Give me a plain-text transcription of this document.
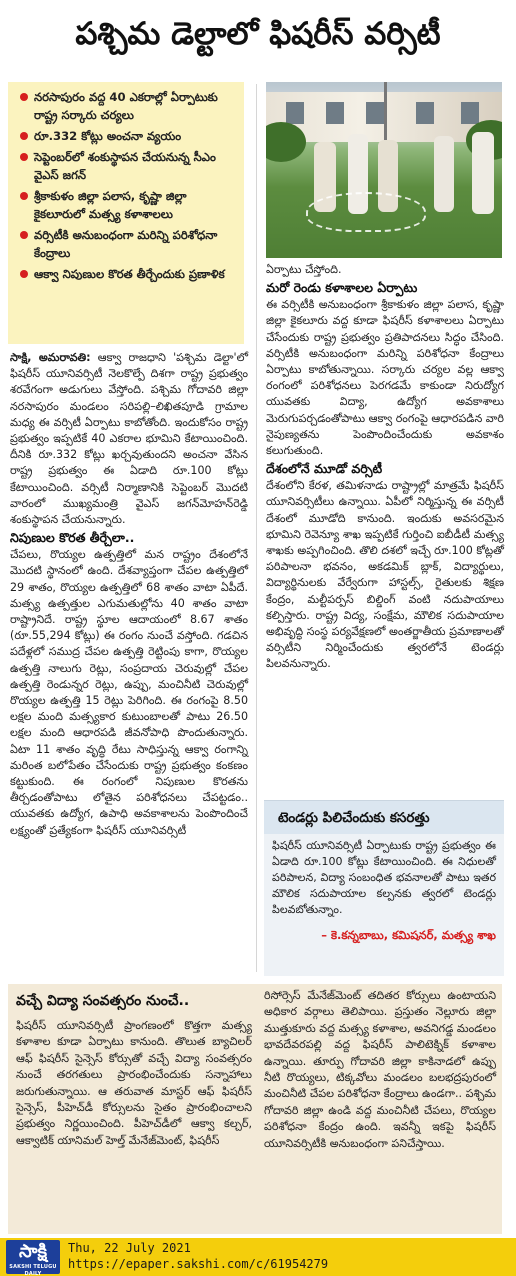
పశ్చిమ డెల్టాలో ఫిషరీస్ వర్సిటీ
నరసాపురం వద్ద 40 ఎకరాల్లో ఏర్పాటుకు రాష్ట్ర సర్కారు చర్యలు
రూ.332 కోట్లు అంచనా వ్యయం
సెప్టెంబర్‌లో శంకుస్థాపన చేయనున్న సీఎం వైఎస్ జగన్
శ్రీకాకుళం జిల్లా పలాస, కృష్ణా జిల్లా కైకలూరులో మత్స్య కళాశాలలు
వర్సిటీకి అనుబంధంగా మరిన్ని పరిశోధనా కేంద్రాలు
ఆక్వా నిపుణుల కొరత తీర్చేందుకు ప్రణాళిక

సాక్షి, అమరావతి: ఆక్వా రాజధాని 'పశ్చిమ డెల్టా'లో ఫిషరీస్ యూనివర్సిటీ నెలకొల్పే దిశగా రాష్ట్ర ప్రభుత్వం శరవేగంగా అడుగులు వేస్తోంది. పశ్చిమ గోదావరి జిల్లా నరసాపురం మండలం సరిపల్లి–లిఖితపూడి గ్రామాల మధ్య ఈ వర్సిటీ ఏర్పాటు కాబోతోంది. ఇందుకోసం రాష్ట్ర ప్రభుత్వం ఇప్పటికే 40 ఎకరాల భూమిని కేటాయించింది. దీనికి రూ.332 కోట్లు ఖర్చవుతుందని అంచనా వేసిన రాష్ట్ర ప్రభుత్వం ఈ ఏడాది రూ.100 కోట్లు కేటాయించింది. వర్సిటీ నిర్మాణానికి సెప్టెంబర్ మొదటి వారంలో ముఖ్యమంత్రి వైఎస్ జగన్‌మోహన్‌రెడ్డి శంకుస్థాపన చేయనున్నారు.

నిపుణుల కొరత తీర్చేలా..

చేపలు, రొయ్యల ఉత్పత్తిలో మన రాష్ట్రం దేశంలోనే మొదటి స్థానంలో ఉంది. దేశవ్యాప్తంగా చేపల ఉత్పత్తిలో 29 శాతం, రొయ్యల ఉత్పత్తిలో 68 శాతం వాటా ఏపీదే. మత్స్య ఉత్పత్తుల ఎగుమతుల్లోను 40 శాతం వాటా రాష్ట్రానిదే. రాష్ట్ర స్థూల ఆదాయంలో 8.67 శాతం (రూ.55,294 కోట్లు) ఈ రంగం నుంచే వస్తోంది. గడచిన పదేళ్లలో సముద్ర చేపల ఉత్పత్తి రెట్టింపు కాగా, రొయ్యల ఉత్పత్తి నాలుగు రెట్లు, సంప్రదాయ చెరువుల్లో చేపల ఉత్పత్తి రెండున్నర రెట్లు, ఉప్పు, మంచినీటి చెరువుల్లో రొయ్యల ఉత్పత్తి 15 రెట్లు పెరిగింది. ఈ రంగంపై 8.50 లక్షల మంది మత్స్యకార కుటుంబాలతో పాటు 26.50 లక్షల మంది ఆధారపడి జీవనోపాధి పొందుతున్నారు. ఏటా 11 శాతం వృద్ధి రేటు సాధిస్తున్న ఆక్వా రంగాన్ని మరింత బలోపేతం చేసేందుకు రాష్ట్ర ప్రభుత్వం కంకణం కట్టుకుంది. ఈ రంగంలో నిపుణుల కొరతను తీర్చడంతోపాటు లోతైన పరిశోధనలు చేపట్టడం.. యువతకు ఉద్యోగ, ఉపాధి అవకాశాలను పెంపొందించే లక్ష్యంతో ప్రత్యేకంగా ఫిషరీస్ యూనివర్సిటీ

ఏర్పాటు చేస్తోంది.

మరో రెండు కళాశాలల ఏర్పాటు

ఈ వర్సిటీకి అనుబంధంగా శ్రీకాకుళం జిల్లా పలాస, కృష్ణా జిల్లా కైకలూరు వద్ద కూడా ఫిషరీస్ కళాశాలలు ఏర్పాటు చేసేందుకు రాష్ట్ర ప్రభుత్వం ప్రతిపాదనలు సిద్ధం చేసింది. వర్సిటీకి అనుబంధంగా మరిన్ని పరిశోధనా కేంద్రాలు ఏర్పాటు కాబోతున్నాయి. సర్కారు చర్యల వల్ల ఆక్వా రంగంలో పరిశోధనలు పెరగడమే కాకుండా నిరుద్యోగ యువతకు విద్యా, ఉద్యోగ అవకాశాలు మెరుగుపర్చడంతోపాటు ఆక్వా రంగంపై ఆధారపడిన వారి నైపుణ్యతను పెంపొందించేందుకు అవకాశం కలుగుతుంది.

దేశంలోనే మూడో వర్సిటీ

దేశంలోని కేరళ, తమిళనాడు రాష్ట్రాల్లో మాత్రమే ఫిషరీస్ యూనివర్సిటీలు ఉన్నాయి. ఏపీలో నిర్మిస్తున్న ఈ వర్సిటీ దేశంలో మూడోది కానుంది. ఇందుకు అవసరమైన భూమిని రెవెన్యూ శాఖ ఇప్పటికే గుర్తించి ఐబీడీటీ మత్స్య శాఖకు అప్పగించింది. తొలి దశలో ఇచ్చే రూ.100 కోట్లతో పరిపాలనా భవనం, అకడమిక్ బ్లాక్, విద్యార్థులు, విద్యార్థినులకు వేర్వేరుగా హాస్టల్స్, రైతులకు శిక్షణ కేంద్రం, మల్టీపర్పస్ బిల్డింగ్ వంటి నదుపాయాలు కల్పిస్తారు. రాష్ట్ర విద్య, సంక్షేమ, మౌలిక సదుపాయాల అభివృద్ధి సంస్థ పర్యవేక్షణలో అంతర్జాతీయ ప్రమాణాలతో వర్సిటీని నిర్మించేందుకు త్వరలోనే టెండర్లు పిలవనున్నారు.

టెండర్లు పిలిచేందుకు కసరత్తు
ఫిషరీస్ యూనివర్సిటీ ఏర్పాటుకు రాష్ట్ర ప్రభుత్వం ఈ ఏడాది రూ.100 కోట్లు కేటాయించింది. ఈ నిధులతో పరిపాలన, విద్యా సంబంధిత భవనాలతో పాటు ఇతర మౌలిక సదుపాయాల కల్పనకు త్వరలో టెండర్లు పిలవబోతున్నాం.
– కె.కన్నబాబు, కమిషనర్, మత్స్య శాఖ
వచ్చే విద్యా సంవత్సరం నుంచే..
ఫిషరీస్ యూనివర్సిటీ ప్రాంగణంలో కొత్తగా మత్స్య కళాశాల కూడా ఏర్పాటు కానుంది. తొలుత బ్యాచిలర్ ఆఫ్ ఫిషరీస్ సైన్సెస్ కోర్సుతో వచ్చే విద్యా సంవత్సరం నుంచే తరగతులు ప్రారంభించేందుకు సన్నాహాలు జరుగుతున్నాయి. ఆ తరువాత మాస్టర్ ఆఫ్ ఫిషరీస్ సైన్సెస్, పీహెచ్‌డీ కోర్సులను సైతం ప్రారంభించాలని ప్రభుత్వం నిర్ణయించింది. పీహెచ్‌డీలో ఆక్వా కల్చర్, ఆక్వాటిక్ యానిమల్ హెల్త్ మేనేజ్‌మెంట్, ఫిషరీస్
రిసోర్సెస్ మేనేజ్‌మెంట్ తదితర కోర్సులు ఉంటాయని అధికార వర్గాలు తెలిపాయి. ప్రస్తుతం నెల్లూరు జిల్లా ముత్తుకూరు వద్ద మత్స్య కళాశాల, అవనిగడ్డ మండలం భావదేవరపల్లి వద్ద ఫిషరీస్ పాలిటెక్నిక్ కళాశాల ఉన్నాయి. తూర్పు గోదావరి జిల్లా కాకినాడలో ఉప్పు నీటి రొయ్యలు, టిక్కవోలు మండలం బలభద్రపురంలో మంచినీటి చేపల పరిశోధనా కేంద్రాలు ఉండగా.. పశ్చిమ గోదావరి జిల్లా ఉండి వద్ద మంచినీటి చేపలు, రొయ్యల పరిశోధనా కేంద్రం ఉంది. ఇవన్నీ ఇకపై ఫిషరీస్ యూనివర్సిటీకి అనుబంధంగా పనిచేస్తాయి.
సాక్షి
SAKSHI TELUGU DAILY
Thu, 22 July 2021
https://epaper.sakshi.com/c/61954279
